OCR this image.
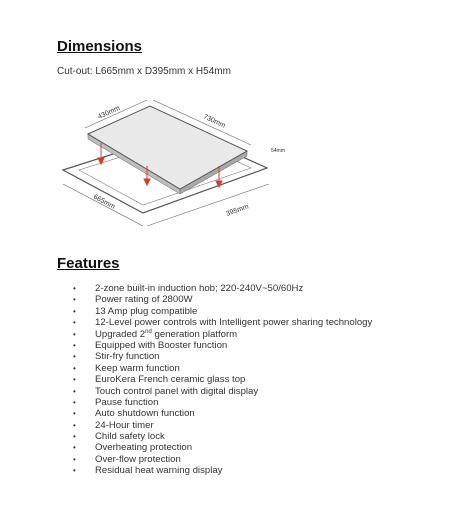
Dimensions
Cut-out: L665mm x D395mm x H54mm
430mm
730mm
54mm
665mm	395mm
Features
• 2-zone built-in induction hob; 220-240V~50/60Hz
• Power rating of 2800W
• 13 Amp plug compatible
• 12-Level power controls with Intelligent power sharing technology
• Upgraded 2nd generation platform
• Equipped with Booster function
• Stir-fry function
• Keep warm function
• EuroKera French ceramic glass top
• Touch control panel with digital display
• Pause function
• Auto shutdown function
• 24-Hour timer
• Child safety lock
• Overheating protection
• Over-flow protection
• Residual heat warning display
